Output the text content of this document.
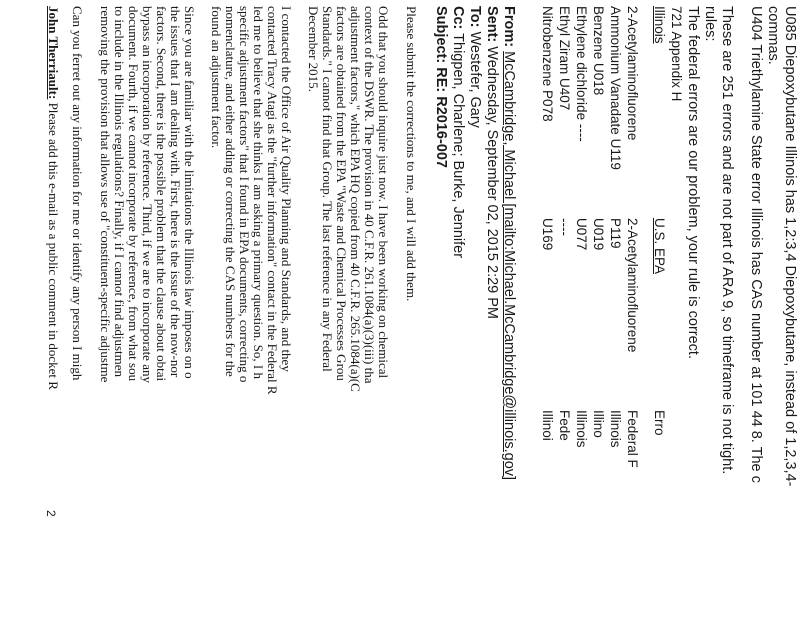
U085 Diepoxybutane Illinois has 1,2:3,4 Diepoxybutane, instead of 1,2,3,4-
commas.
U404 Triethylamine State error Illinois has CAS number at 101 44 8. The c
These are 251 errors and are not part of ARA 9, so timeframe is not tight.
rules:
The federal errors are our problem, your rule is correct.
721 Appendix H
Illinois
U.S. EPA
Erro
2-Acetylaminofluorene
2-Acetylaminofluorene
Federal F
Ammonium Vanadate U119
P119
Illinois
Benzene U018
U019
Illino
Ethylene dichloride ----
U077
Illinois
Ethyl Ziram U407
----
Fede
Nitrobenzene P078
U169
Illinoi
From: McCambridge, Michael [mailto:Michael.McCambridge@illinois.gov]
Sent: Wednesday, September 02, 2015 2:29 PM
To: Westefer, Gary
Cc: Thigpen, Charlene; Burke, Jennifer
Subject: RE: R2016-007
Please submit the corrections to me, and I will add them.
Odd that you should inquire just now. I have been working on chemical
context of the DSWR. The provision in 40 C.F.R. 261.1084(a)(3)(iii) tha
adjustment factors," which EPA HQ copied from 40 C.F.R. 265.1084(a)(C
factors are obtained from the EPA "Waste and Chemical Processes Grou
Standards." I cannot find that Group. The last reference in any Federal
December 2015.
I contacted the Office of Air Quality Planning and Standards, and they
contacted Tracy Atagi as the "further information" contact in the Federal R
led me to believe that she thinks I am asking a primary question. So, I h
specific adjustment factors" that I found in EPA documents, correcting o
nomenclature, and either adding or correcting the CAS numbers for the
found an adjustment factor.
Since you are familiar with the limitations the Illinois law imposes on o
the issues that I am dealing with. First, there is the issue of the now-nor
factors. Second, there is the possible problem that the clause about obtai
bypass an incorporation by reference. Third, if we are to incorporate any
document. Fourth, if we cannot incorporate by reference, from what sou
to include in the Illinois regulations? Finally, if I cannot find adjustmen
removing the provision that allows use of "constituent-specific adjustme
Can you ferret out any information for me or identify any person I migh
John Therriault: Please add this e-mail as a public comment in docket R
2
